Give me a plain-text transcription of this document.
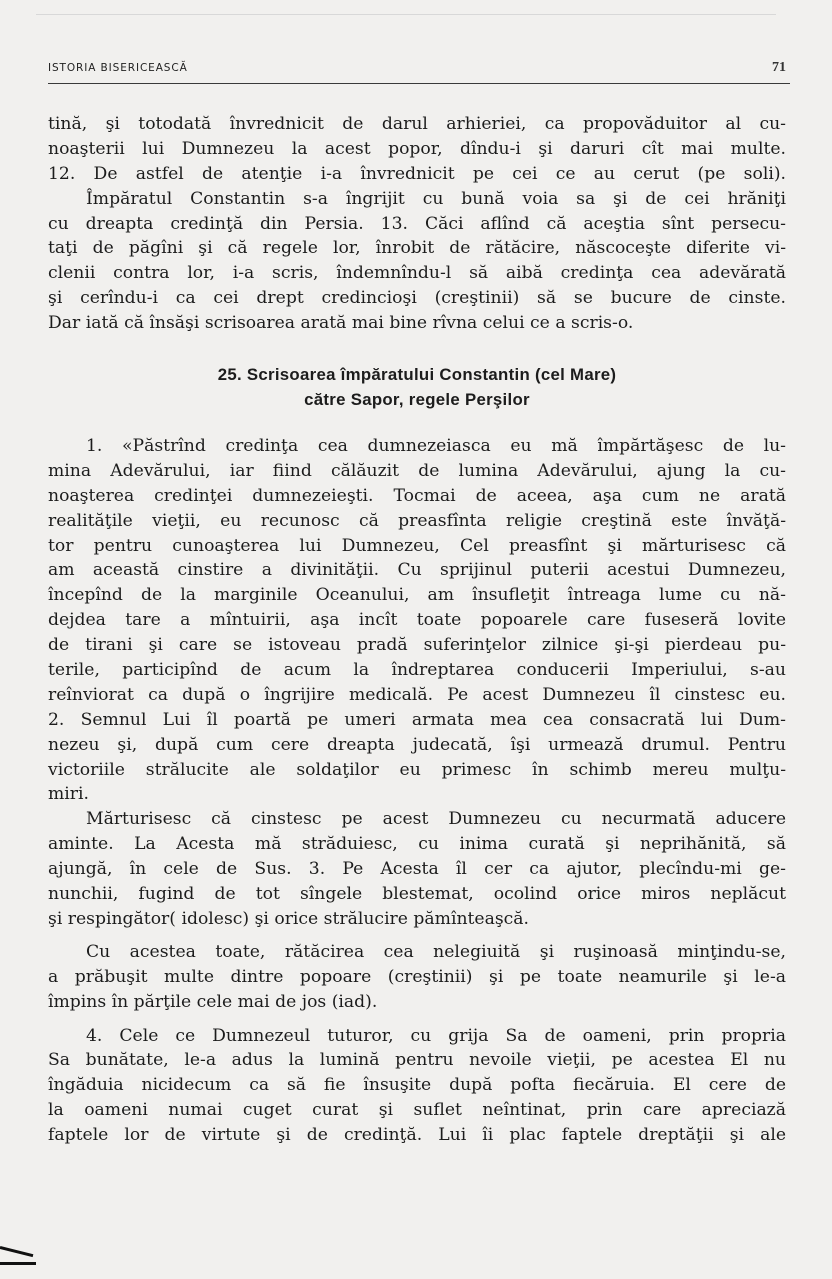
ISTORIA BISERICEASCĂ	71
tină, şi totodată învrednicit de darul arhieriei, ca propovăduitor al cu-
noaşterii lui Dumnezeu la acest popor, dîndu-i şi daruri cît mai multe.
12. De astfel de atenţie i-a învrednicit pe cei ce au cerut (pe soli).
Împăratul Constantin s-a îngrijit cu bună voia sa şi de cei hrăniţi
cu dreapta credinţă din Persia. 13. Căci aflînd că aceştia sînt persecu-
taţi de păgîni şi că regele lor, înrobit de rătăcire, născoceşte diferite vi-
clenii contra lor, i-a scris, îndemnîndu-l să aibă credinţa cea adevărată
şi cerîndu-i ca cei drept credincioşi (creştinii) să se bucure de cinste.
Dar iată că însăşi scrisoarea arată mai bine rîvna celui ce a scris-o.
25. Scrisoarea împăratului Constantin (cel Mare)
către Sapor, regele Perşilor
1. «Păstrînd credinţa cea dumnezeiasca eu mă împărtăşesc de lu-
mina Adevărului, iar fiind călăuzit de lumina Adevărului, ajung la cu-
noaşterea credinţei dumnezeieşti. Tocmai de aceea, aşa cum ne arată
realităţile vieţii, eu recunosc că preasfînta religie creştină este învăţă-
tor pentru cunoaşterea lui Dumnezeu, Cel preasfînt şi mărturisesc că
am această cinstire a divinităţii. Cu sprijinul puterii acestui Dumnezeu,
începînd de la marginile Oceanului, am însufleţit întreaga lume cu nă-
dejdea tare a mîntuirii, aşa incît toate popoarele care fuseseră lovite
de tirani şi care se istoveau pradă suferinţelor zilnice şi-şi pierdeau pu-
terile, participînd de acum la îndreptarea conducerii Imperiului, s-au
reînviorat ca după o îngrijire medicală. Pe acest Dumnezeu îl cinstesc eu.
2. Semnul Lui îl poartă pe umeri armata mea cea consacrată lui Dum-
nezeu şi, după cum cere dreapta judecată, îşi urmează drumul. Pentru
victoriile strălucite ale soldaţilor eu primesc în schimb mereu mulţu-
miri.
Mărturisesc că cinstesc pe acest Dumnezeu cu necurmată aducere
aminte. La Acesta mă străduiesc, cu inima curată şi neprihănită, să
ajungă, în cele de Sus. 3. Pe Acesta îl cer ca ajutor, plecîndu-mi ge-
nunchii, fugind de tot sîngele blestemat, ocolind orice miros neplăcut
şi respingător( idolesc) şi orice strălucire pămînteaşcă.
Cu acestea toate, rătăcirea cea nelegiuită şi ruşinoasă minţindu-se,
a prăbuşit multe dintre popoare (creştinii) şi pe toate neamurile şi le-a
împins în părţile cele mai de jos (iad).
4. Cele ce Dumnezeul tuturor, cu grija Sa de oameni, prin propria
Sa bunătate, le-a adus la lumină pentru nevoile vieţii, pe acestea El nu
îngăduia nicidecum ca să fie însuşite după pofta fiecăruia. El cere de
la oameni numai cuget curat şi suflet neîntinat, prin care apreciază
faptele lor de virtute şi de credinţă. Lui îi plac faptele dreptăţii şi ale
